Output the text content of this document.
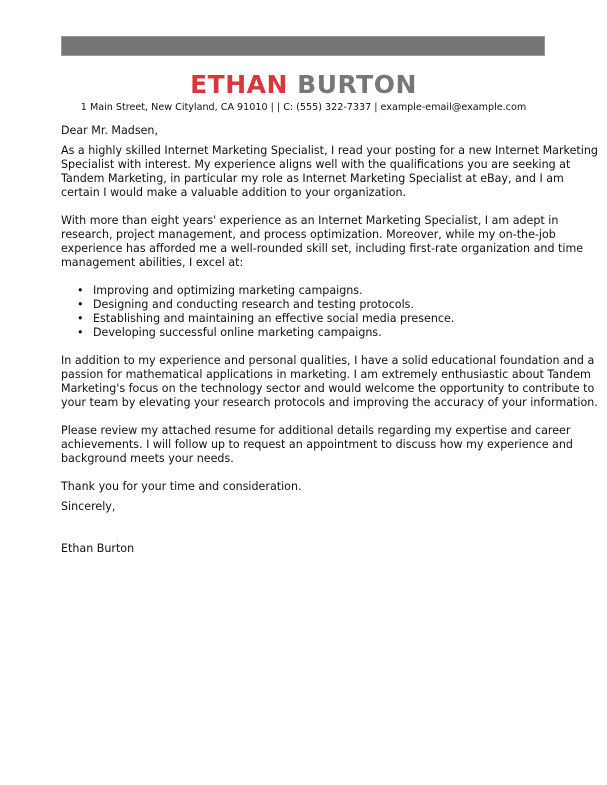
ETHAN BURTON
1 Main Street, New Cityland, CA 91010 | | C: (555) 322-7337 | example-email@example.com

Dear Mr. Madsen,

As a highly skilled Internet Marketing Specialist, I read your posting for a new Internet Marketing
Specialist with interest. My experience aligns well with the qualifications you are seeking at
Tandem Marketing, in particular my role as Internet Marketing Specialist at eBay, and I am
certain I would make a valuable addition to your organization.

With more than eight years' experience as an Internet Marketing Specialist, I am adept in
research, project management, and process optimization. Moreover, while my on-the-job
experience has afforded me a well-rounded skill set, including first-rate organization and time
management abilities, I excel at:

• Improving and optimizing marketing campaigns.
• Designing and conducting research and testing protocols.
• Establishing and maintaining an effective social media presence.
• Developing successful online marketing campaigns.

In addition to my experience and personal qualities, I have a solid educational foundation and a
passion for mathematical applications in marketing. I am extremely enthusiastic about Tandem
Marketing's focus on the technology sector and would welcome the opportunity to contribute to
your team by elevating your research protocols and improving the accuracy of your information.

Please review my attached resume for additional details regarding my expertise and career
achievements. I will follow up to request an appointment to discuss how my experience and
background meets your needs.

Thank you for your time and consideration.

Sincerely,

Ethan Burton
